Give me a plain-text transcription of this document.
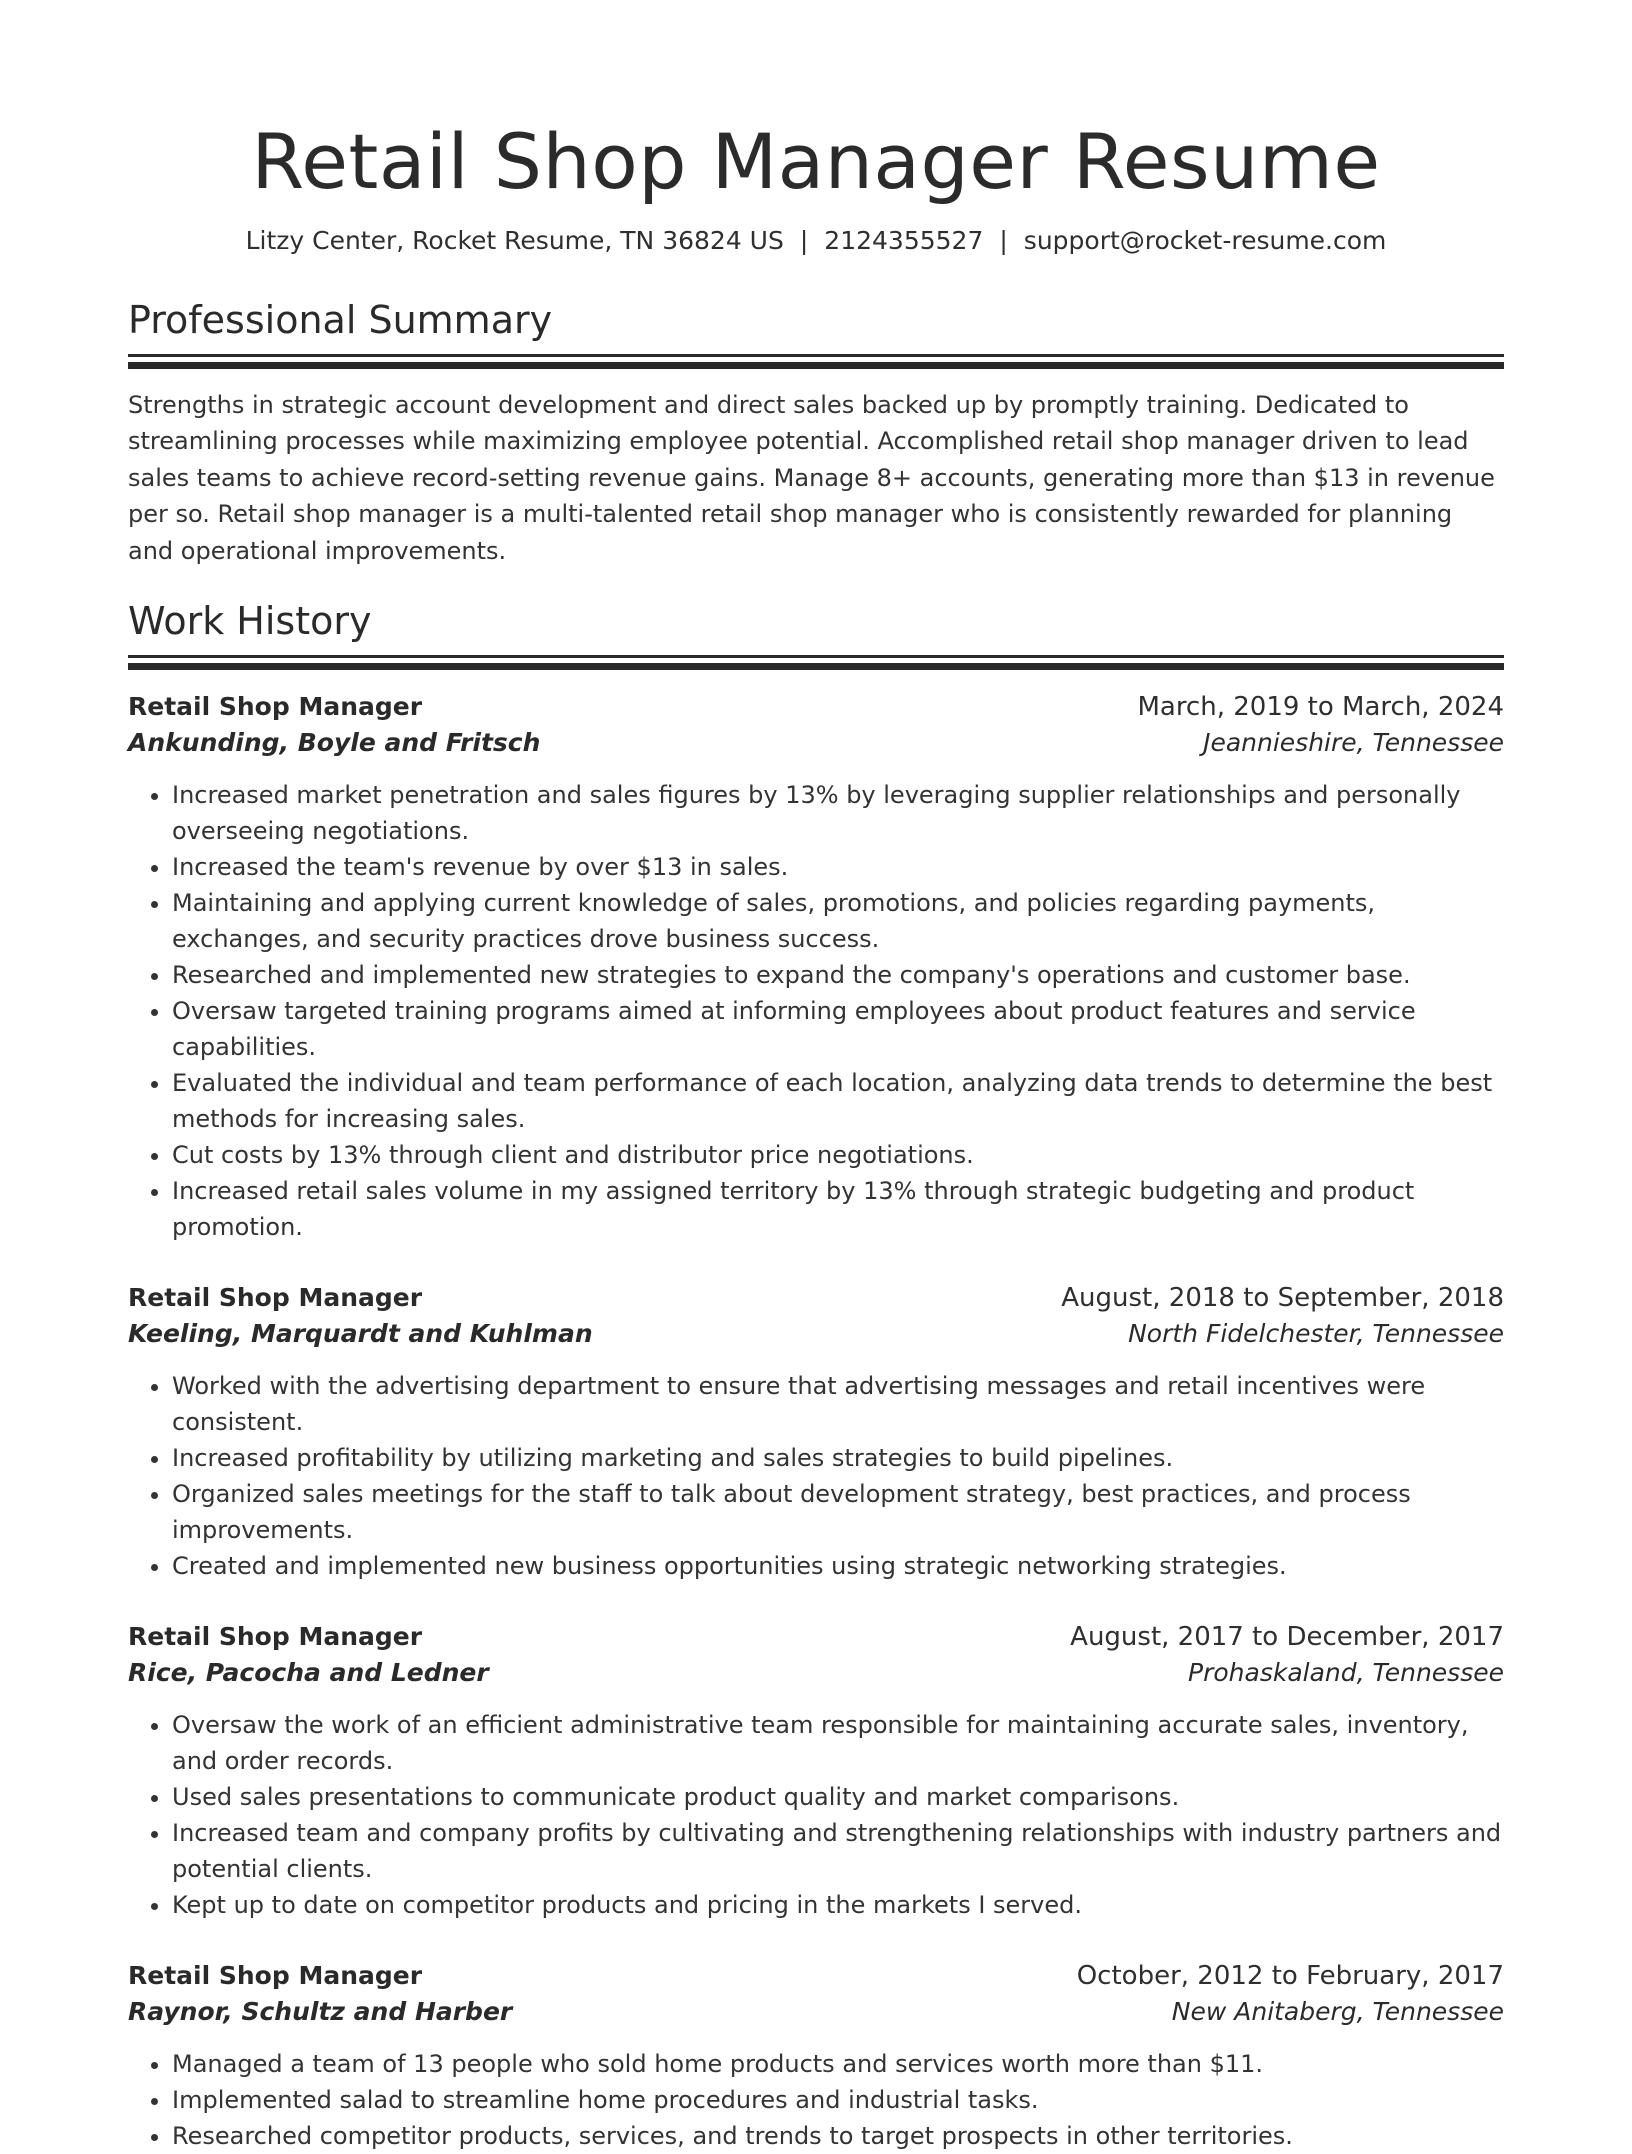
Retail Shop Manager Resume
Litzy Center, Rocket Resume, TN 36824 US | 2124355527 | support@rocket-resume.com
Professional Summary

Strengths in strategic account development and direct sales backed up by promptly training. Dedicated to streamlining processes while maximizing employee potential. Accomplished retail shop manager driven to lead sales teams to achieve record-setting revenue gains. Manage 8+ accounts, generating more than $13 in revenue per so. Retail shop manager is a multi-talented retail shop manager who is consistently rewarded for planning and operational improvements.

Work History
Retail Shop Manager	March, 2019 to March, 2024
Ankunding, Boyle and Fritsch	Jeannieshire, Tennessee
• Increased market penetration and sales figures by 13% by leveraging supplier relationships and personally overseeing negotiations.
• Increased the team's revenue by over $13 in sales.
• Maintaining and applying current knowledge of sales, promotions, and policies regarding payments, exchanges, and security practices drove business success.
• Researched and implemented new strategies to expand the company's operations and customer base.
• Oversaw targeted training programs aimed at informing employees about product features and service capabilities.
• Evaluated the individual and team performance of each location, analyzing data trends to determine the best methods for increasing sales.
• Cut costs by 13% through client and distributor price negotiations.
• Increased retail sales volume in my assigned territory by 13% through strategic budgeting and product promotion.
Retail Shop Manager	August, 2018 to September, 2018
Keeling, Marquardt and Kuhlman	North Fidelchester, Tennessee
• Worked with the advertising department to ensure that advertising messages and retail incentives were consistent.
• Increased profitability by utilizing marketing and sales strategies to build pipelines.
• Organized sales meetings for the staff to talk about development strategy, best practices, and process improvements.
• Created and implemented new business opportunities using strategic networking strategies.
Retail Shop Manager	August, 2017 to December, 2017
Rice, Pacocha and Ledner	Prohaskaland, Tennessee
• Oversaw the work of an efficient administrative team responsible for maintaining accurate sales, inventory, and order records.
• Used sales presentations to communicate product quality and market comparisons.
• Increased team and company profits by cultivating and strengthening relationships with industry partners and potential clients.
• Kept up to date on competitor products and pricing in the markets I served.
Retail Shop Manager	October, 2012 to February, 2017
Raynor, Schultz and Harber	New Anitaberg, Tennessee
• Managed a team of 13 people who sold home products and services worth more than $11.
• Implemented salad to streamline home procedures and industrial tasks.
• Researched competitor products, services, and trends to target prospects in other territories.
